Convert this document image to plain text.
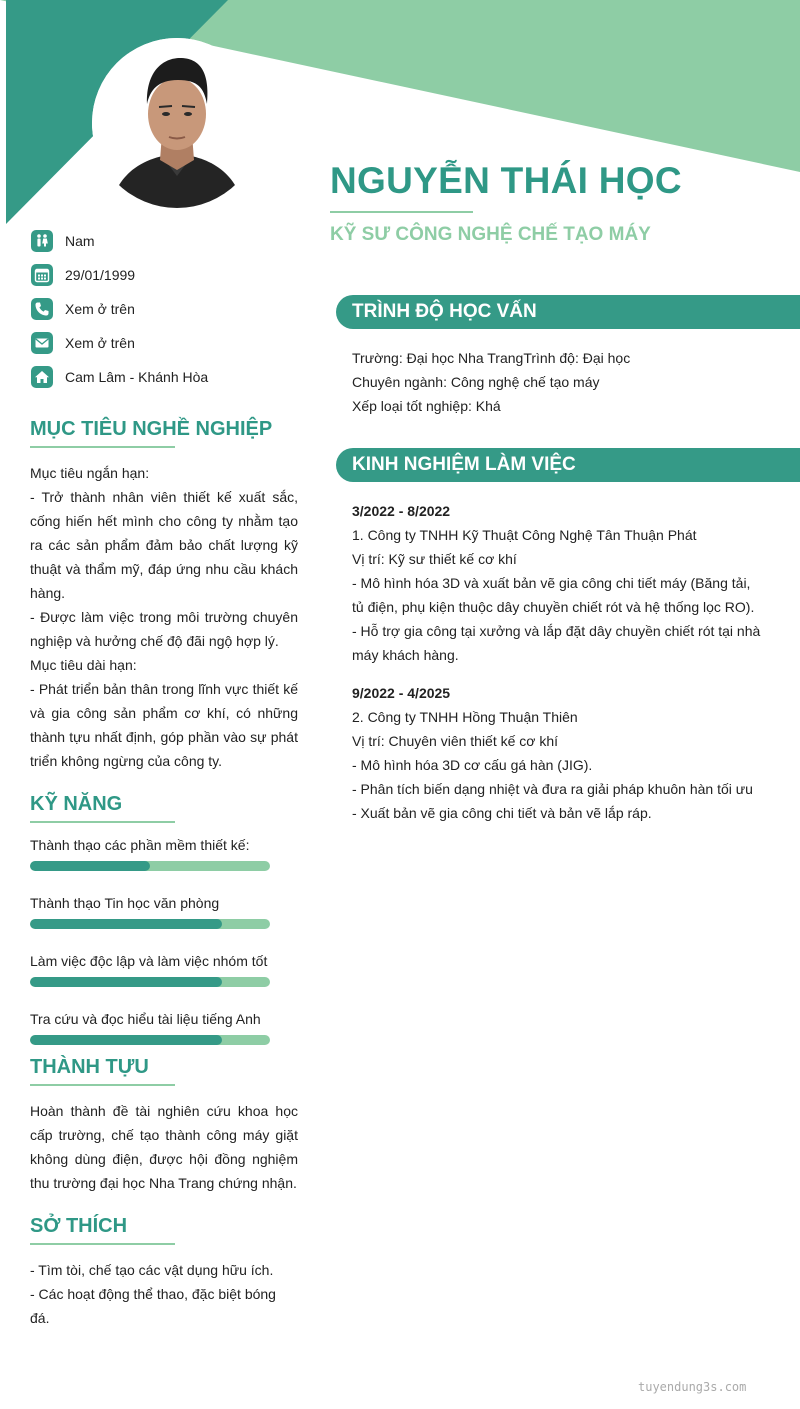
NGUYỄN THÁI HỌC
KỸ SƯ CÔNG NGHỆ CHẾ TẠO MÁY
Nam
29/01/1999
Xem ở trên
Xem ở trên
Cam Lâm - Khánh Hòa
MỤC TIÊU NGHỀ NGHIỆP
Mục tiêu ngắn hạn:
- Trở thành nhân viên thiết kế xuất sắc, cống hiến hết mình cho công ty nhằm tạo ra các sản phẩm đảm bảo chất lượng kỹ thuật và thẩm mỹ, đáp ứng nhu cầu khách hàng.
- Được làm việc trong môi trường chuyên nghiệp và hưởng chế độ đãi ngộ hợp lý.
Mục tiêu dài hạn:
- Phát triển bản thân trong lĩnh vực thiết kế và gia công sản phẩm cơ khí, có những thành tựu nhất định, góp phần vào sự phát triển không ngừng của công ty.
KỸ NĂNG
Thành thạo các phần mềm thiết kế:
Thành thạo Tin học văn phòng
Làm việc độc lập và làm việc nhóm tốt
Tra cứu và đọc hiểu tài liệu tiếng Anh
THÀNH TỰU
Hoàn thành đề tài nghiên cứu khoa học cấp trường, chế tạo thành công máy giặt không dùng điện, được hội đồng nghiệm thu trường đại học Nha Trang chứng nhận.
SỞ THÍCH
- Tìm tòi, chế tạo các vật dụng hữu ích.
- Các hoạt động thể thao, đặc biệt bóng đá.
TRÌNH ĐỘ HỌC VẤN
Trường: Đại học Nha TrangTrình độ: Đại học
Chuyên ngành: Công nghệ chế tạo máy
Xếp loại tốt nghiệp: Khá
KINH NGHIỆM LÀM VIỆC
3/2022 - 8/2022
1. Công ty TNHH Kỹ Thuật Công Nghệ Tân Thuận Phát
Vị trí: Kỹ sư thiết kế cơ khí
- Mô hình hóa 3D và xuất bản vẽ gia công chi tiết máy (Băng tải, tủ điện, phụ kiện thuộc dây chuyền chiết rót và hệ thống lọc RO).
- Hỗ trợ gia công tại xưởng và lắp đặt dây chuyền chiết rót tại nhà máy khách hàng.
9/2022 - 4/2025
2. Công ty TNHH Hồng Thuận Thiên
Vị trí: Chuyên viên thiết kế cơ khí
- Mô hình hóa 3D cơ cấu gá hàn (JIG).
- Phân tích biến dạng nhiệt và đưa ra giải pháp khuôn hàn tối ưu
- Xuất bản vẽ gia công chi tiết và bản vẽ lắp ráp.
tuyendung3s.com
